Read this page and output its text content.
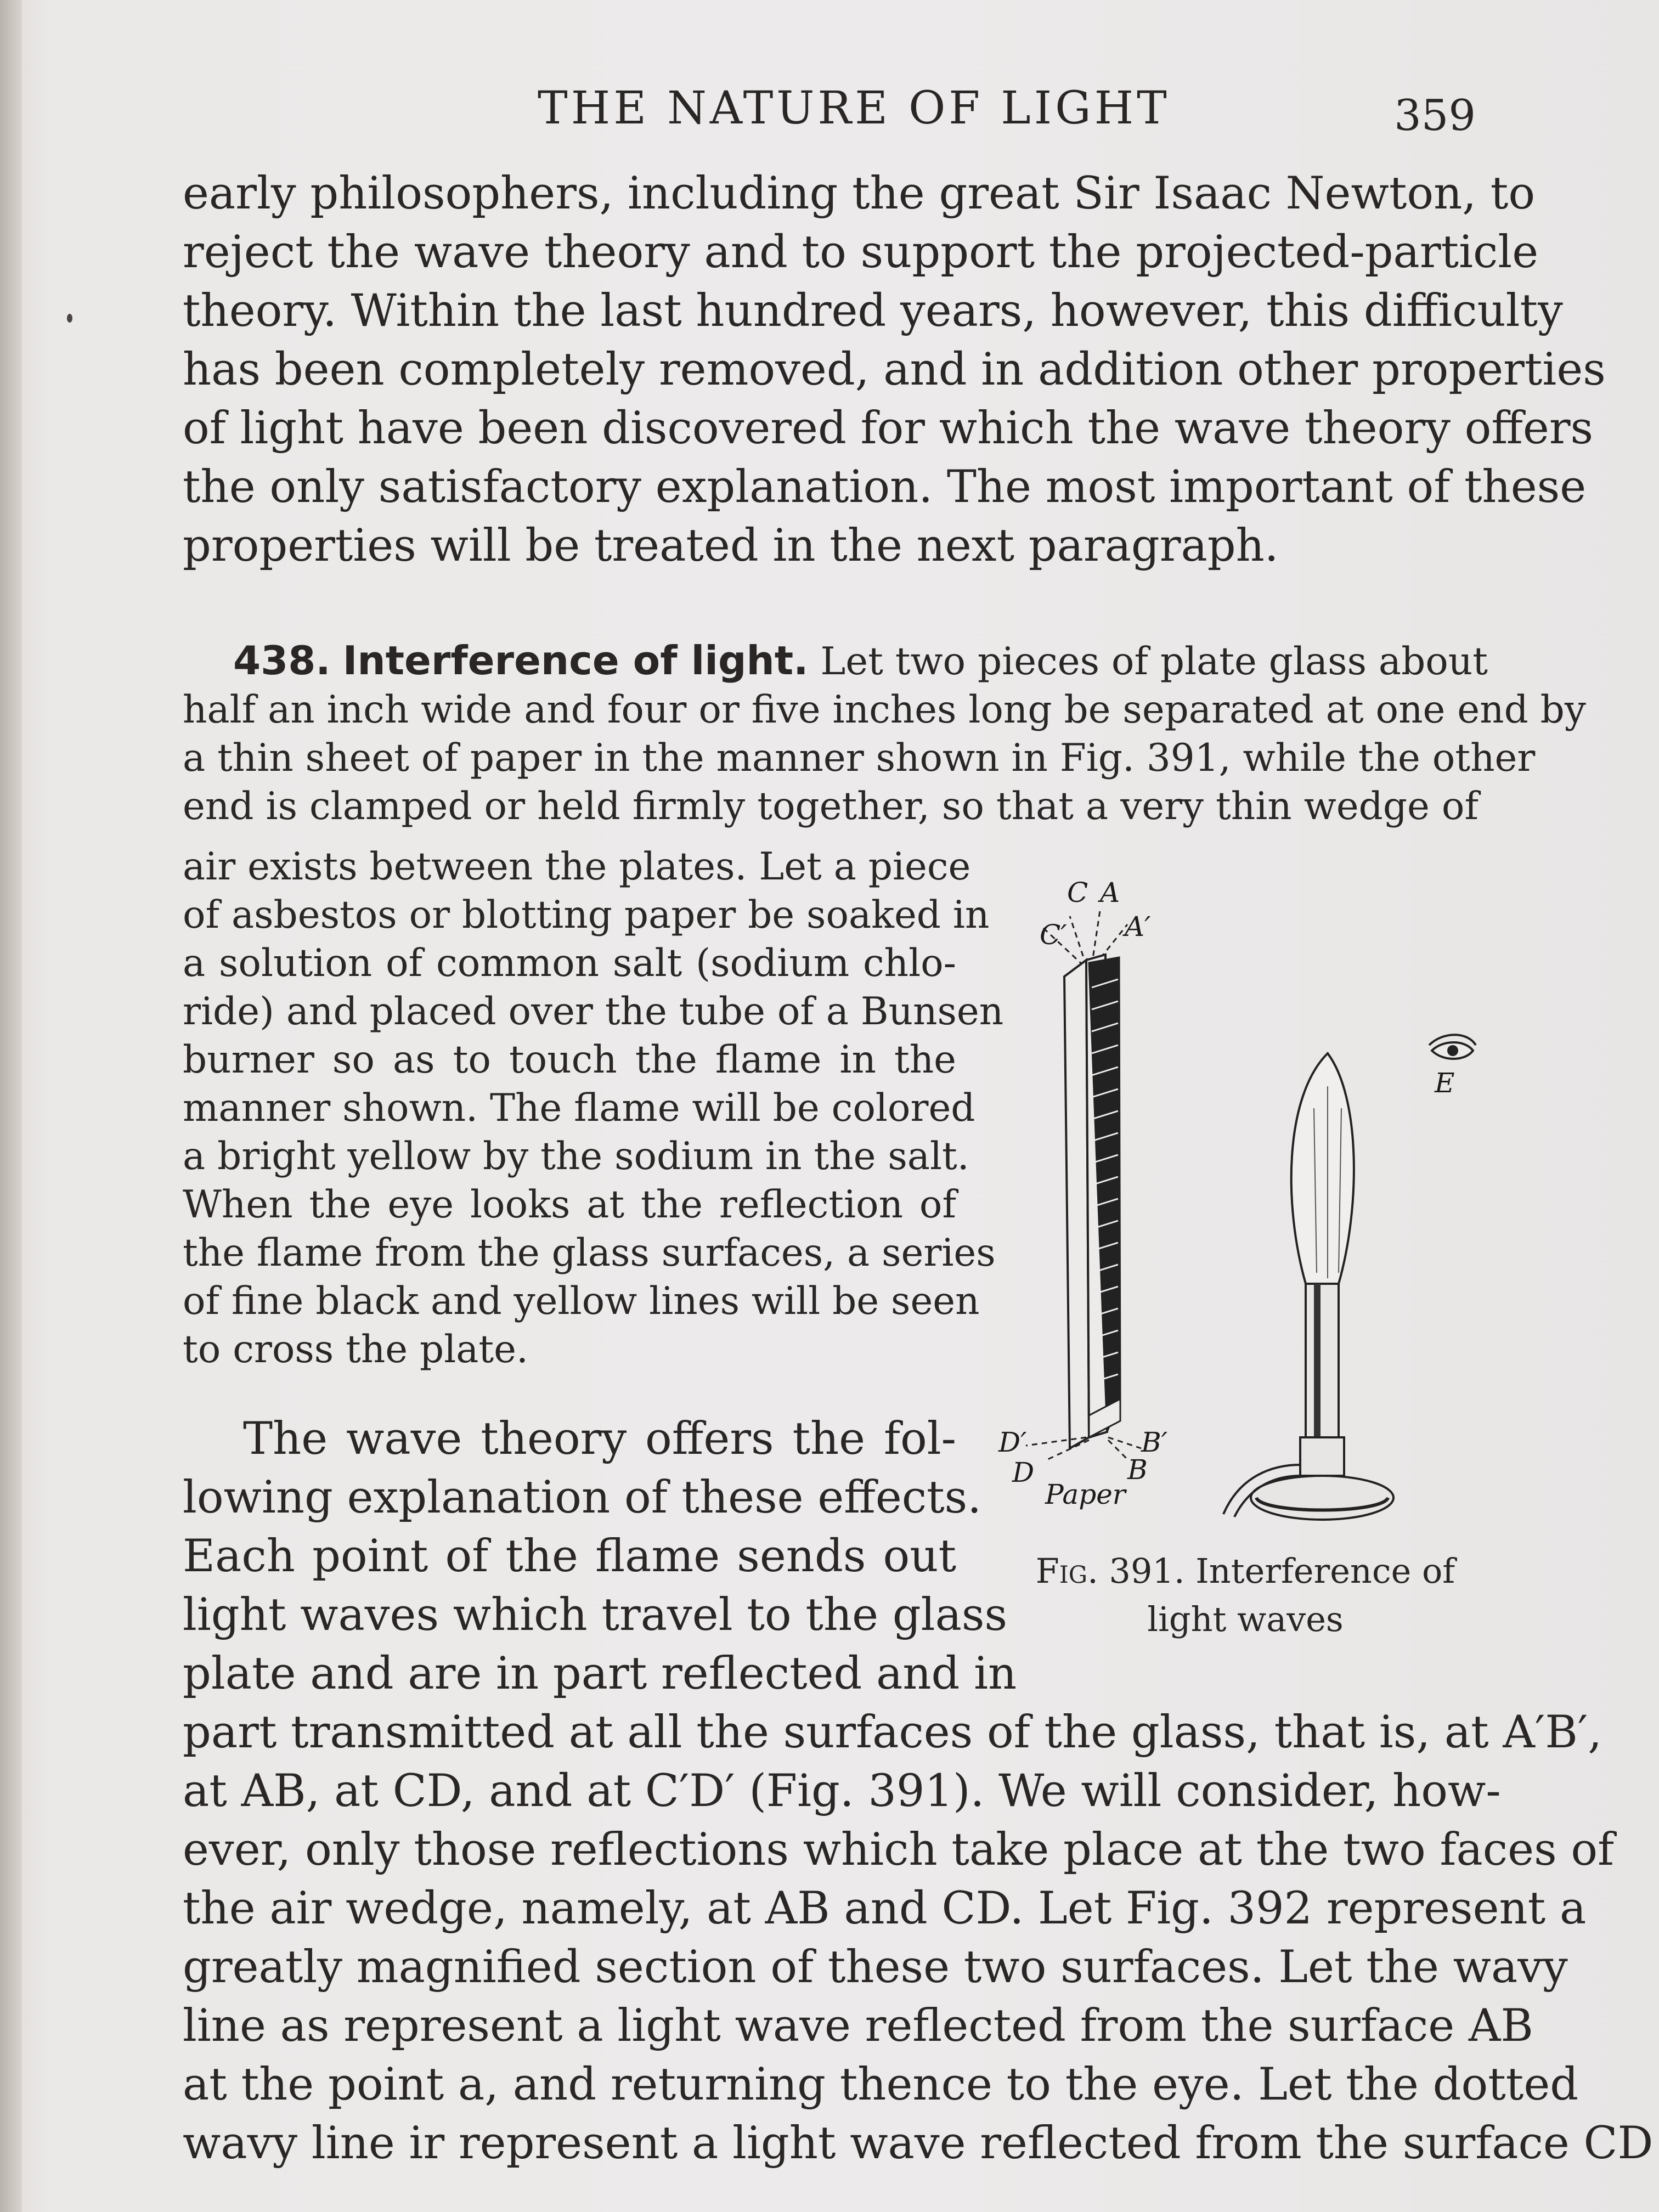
THE NATURE OF LIGHT	359
early philosophers, including the great Sir Isaac Newton, to
reject the wave theory and to support the projected-particle
theory. Within the last hundred years, however, this difficulty
has been completely removed, and in addition other properties
of light have been discovered for which the wave theory offers
the only satisfactory explanation. The most important of these
properties will be treated in the next paragraph.
438. Interference of light. Let two pieces of plate glass about
half an inch wide and four or five inches long be separated at one end by
a thin sheet of paper in the manner shown in Fig. 391, while the other
end is clamped or held firmly together, so that a very thin wedge of
air exists between the plates. Let a piece
of asbestos or blotting paper be soaked in
a solution of common salt (sodium chlo-
ride) and placed over the tube of a Bunsen
burner so as to touch the flame in the
manner shown. The flame will be colored
a bright yellow by the sodium in the salt.
When the eye looks at the reflection of
the flame from the glass surfaces, a series
of fine black and yellow lines will be seen
to cross the plate.
The wave theory offers the fol-
lowing explanation of these effects.
Each point of the flame sends out
light waves which travel to the glass
plate and are in part reflected and in
part transmitted at all the surfaces of the glass, that is, at A′B′,
at AB, at CD, and at C′D′ (Fig. 391). We will consider, how-
ever, only those reflections which take place at the two faces of
the air wedge, namely, at AB and CD. Let Fig. 392 represent a
greatly magnified section of these two surfaces. Let the wavy
line as represent a light wave reflected from the surface AB
at the point a, and returning thence to the eye. Let the dotted
wavy line ir represent a light wave reflected from the surface CD
C A
C′ A′
E
D′	B′
D	B
Paper
Fig. 391. Interference of
light waves
